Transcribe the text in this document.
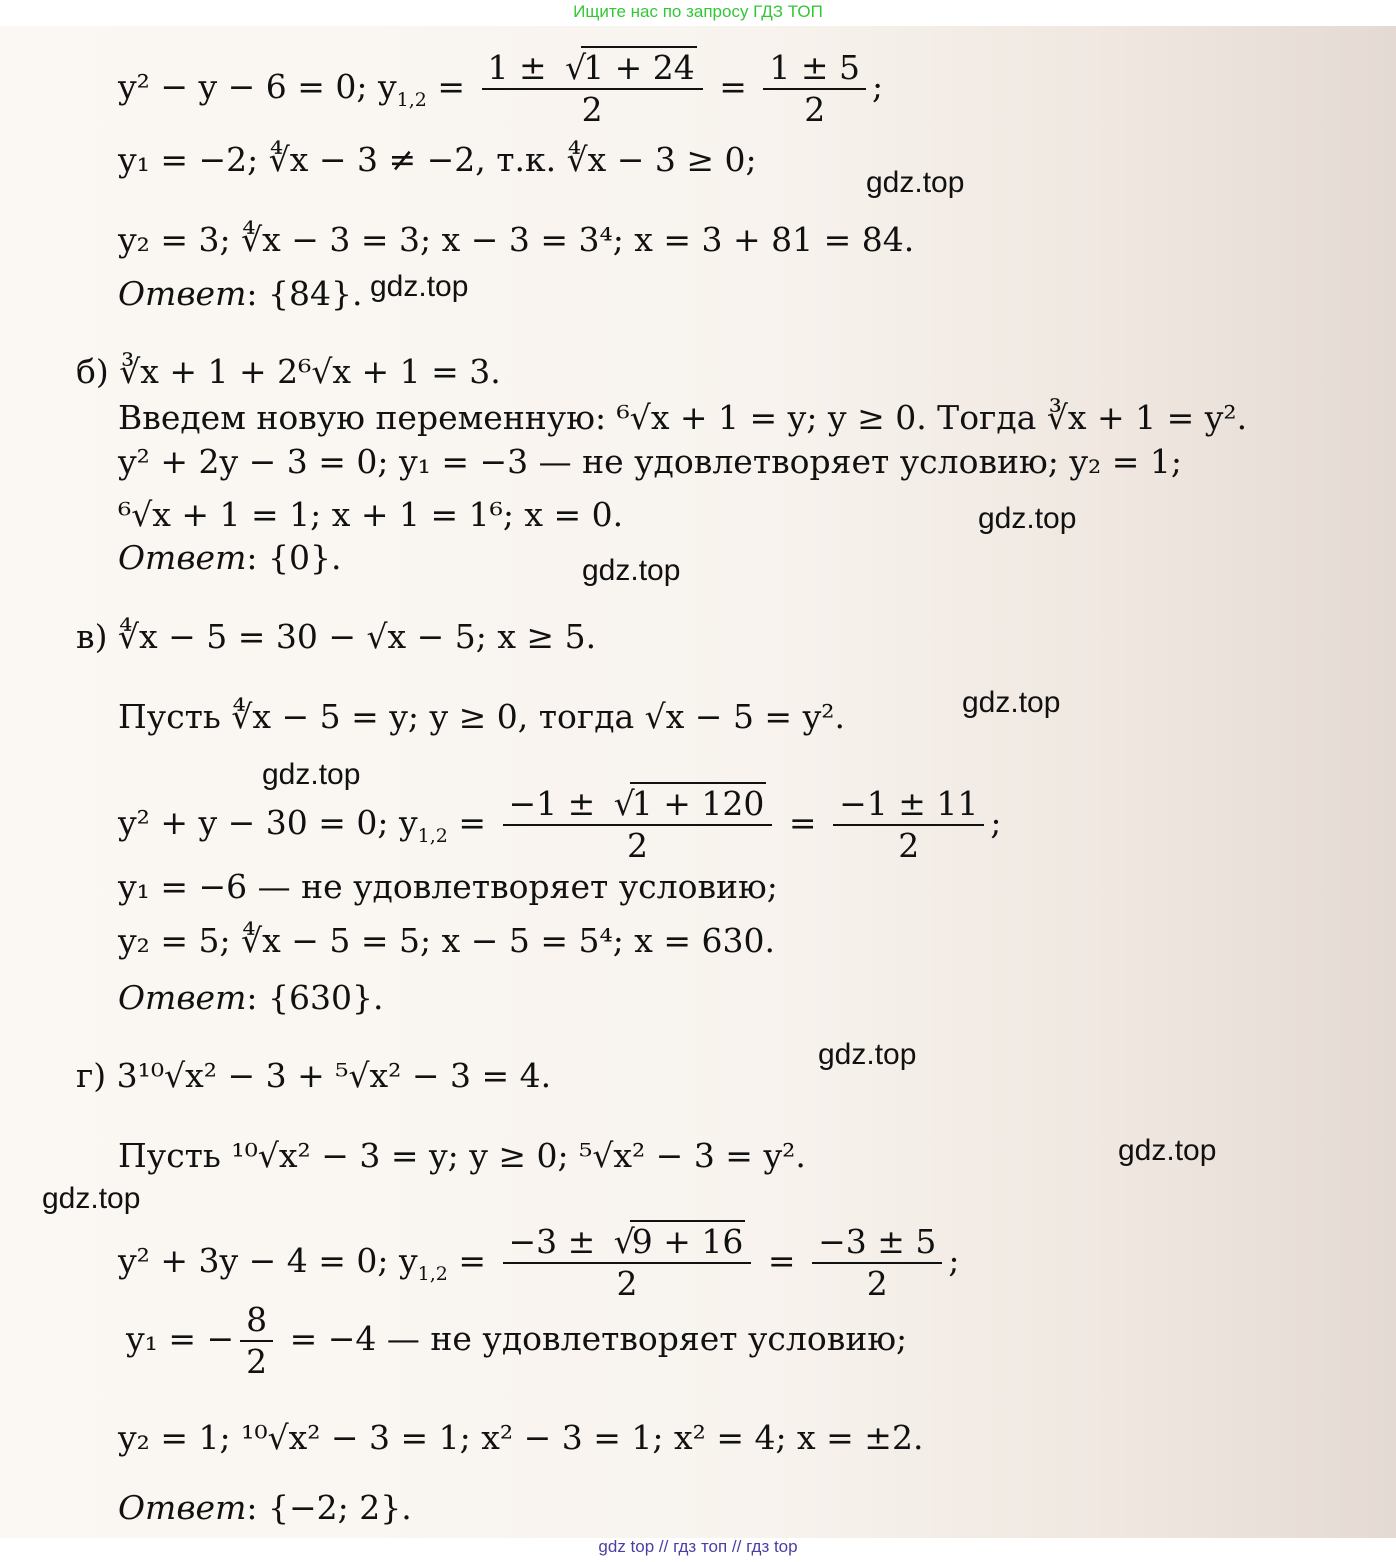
Ищите нас по запросу ГДЗ ТОП
y² − y − 6 = 0; $y_{1,2} = 1$ ± √
1 + 24
$2 = \frac{1 \pm 5}{2}$ ;
y₁ = −2; ∜x − 3 ≠ −2, т.к. ∜x − 3 ≥ 0;
y₂ = 3; ∜x − 3 = 3; x − 3 = 3⁴; x = 3 + 81 = 84.
Ответ: {84}.
б) ∛x + 1 + 2⁶√x + 1 = 3.
Введем новую переменную: ⁶√x + 1 = y; y ≥ 0. Тогда ∛x + 1 = y².
y² + 2y − 3 = 0; y₁ = −3 — не удовлетворяет условию; y₂ = 1;
⁶√x + 1 = 1; x + 1 = 1⁶; x = 0.
Ответ: {0}.
в) ∜x − 5 = 30 − √x − 5; x ≥ 5.
Пусть ∜x − 5 = y; y ≥ 0, тогда √x − 5 = y².
y² + y − 30 = 0; $y_{1,2} = -1$ ± √
1 + 120
$2 = \frac{-1 \pm 11}{2}$ ;
y₁ = −6 — не удовлетворяет условию;
y₂ = 5; ∜x − 5 = 5; x − 5 = 5⁴; x = 630.
Ответ: {630}.
г) 3¹⁰√x² − 3 + ⁵√x² − 3 = 4.
Пусть ¹⁰√x² − 3 = y; y ≥ 0; ⁵√x² − 3 = y².
y² + 3y − 4 = 0; $y_{1,2} = -3$ ± √
9 + 16
$2 = \frac{-3 \pm 5}{2}$ ;
y₁ = − $\frac{8}{2} = -4$ — не удовлетворяет условию;
y₂ = 1; ¹⁰√x² − 3 = 1; x² − 3 = 1; x² = 4; x = ±2.
Ответ: {−2; 2}.
gdz.top
gdz.top
gdz.top
gdz.top
gdz.top
gdz.top
gdz.top
gdz.top
gdz.top
gdz top // гдз топ // гдз top
